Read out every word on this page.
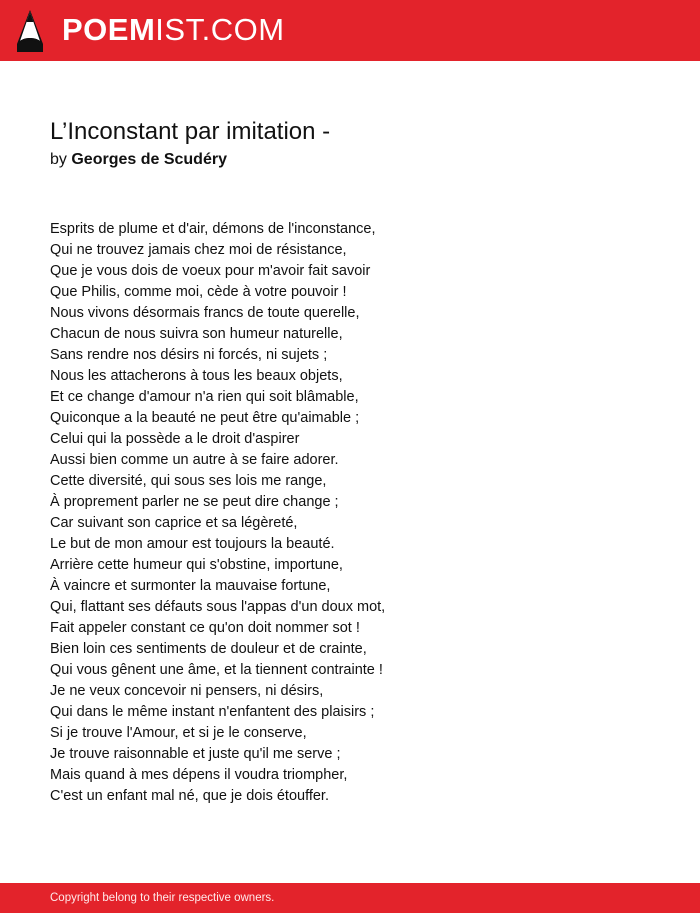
POEMIST.COM
L’Inconstant par imitation -
by Georges de Scudéry
Esprits de plume et d'air, démons de l'inconstance,
Qui ne trouvez jamais chez moi de résistance,
Que je vous dois de voeux pour m'avoir fait savoir
Que Philis, comme moi, cède à votre pouvoir !
Nous vivons désormais francs de toute querelle,
Chacun de nous suivra son humeur naturelle,
Sans rendre nos désirs ni forcés, ni sujets ;
Nous les attacherons à tous les beaux objets,
Et ce change d'amour n'a rien qui soit blâmable,
Quiconque a la beauté ne peut être qu'aimable ;
Celui qui la possède a le droit d'aspirer
Aussi bien comme un autre à se faire adorer.
Cette diversité, qui sous ses lois me range,
À proprement parler ne se peut dire change ;
Car suivant son caprice et sa légèreté,
Le but de mon amour est toujours la beauté.
Arrière cette humeur qui s'obstine, importune,
À vaincre et surmonter la mauvaise fortune,
Qui, flattant ses défauts sous l'appas d'un doux mot,
Fait appeler constant ce qu'on doit nommer sot !
Bien loin ces sentiments de douleur et de crainte,
Qui vous gênent une âme, et la tiennent contrainte !
Je ne veux concevoir ni pensers, ni désirs,
Qui dans le même instant n'enfantent des plaisirs ;
Si je trouve l'Amour, et si je le conserve,
Je trouve raisonnable et juste qu'il me serve ;
Mais quand à mes dépens il voudra triompher,
C'est un enfant mal né, que je dois étouffer.
Copyright belong to their respective owners.
